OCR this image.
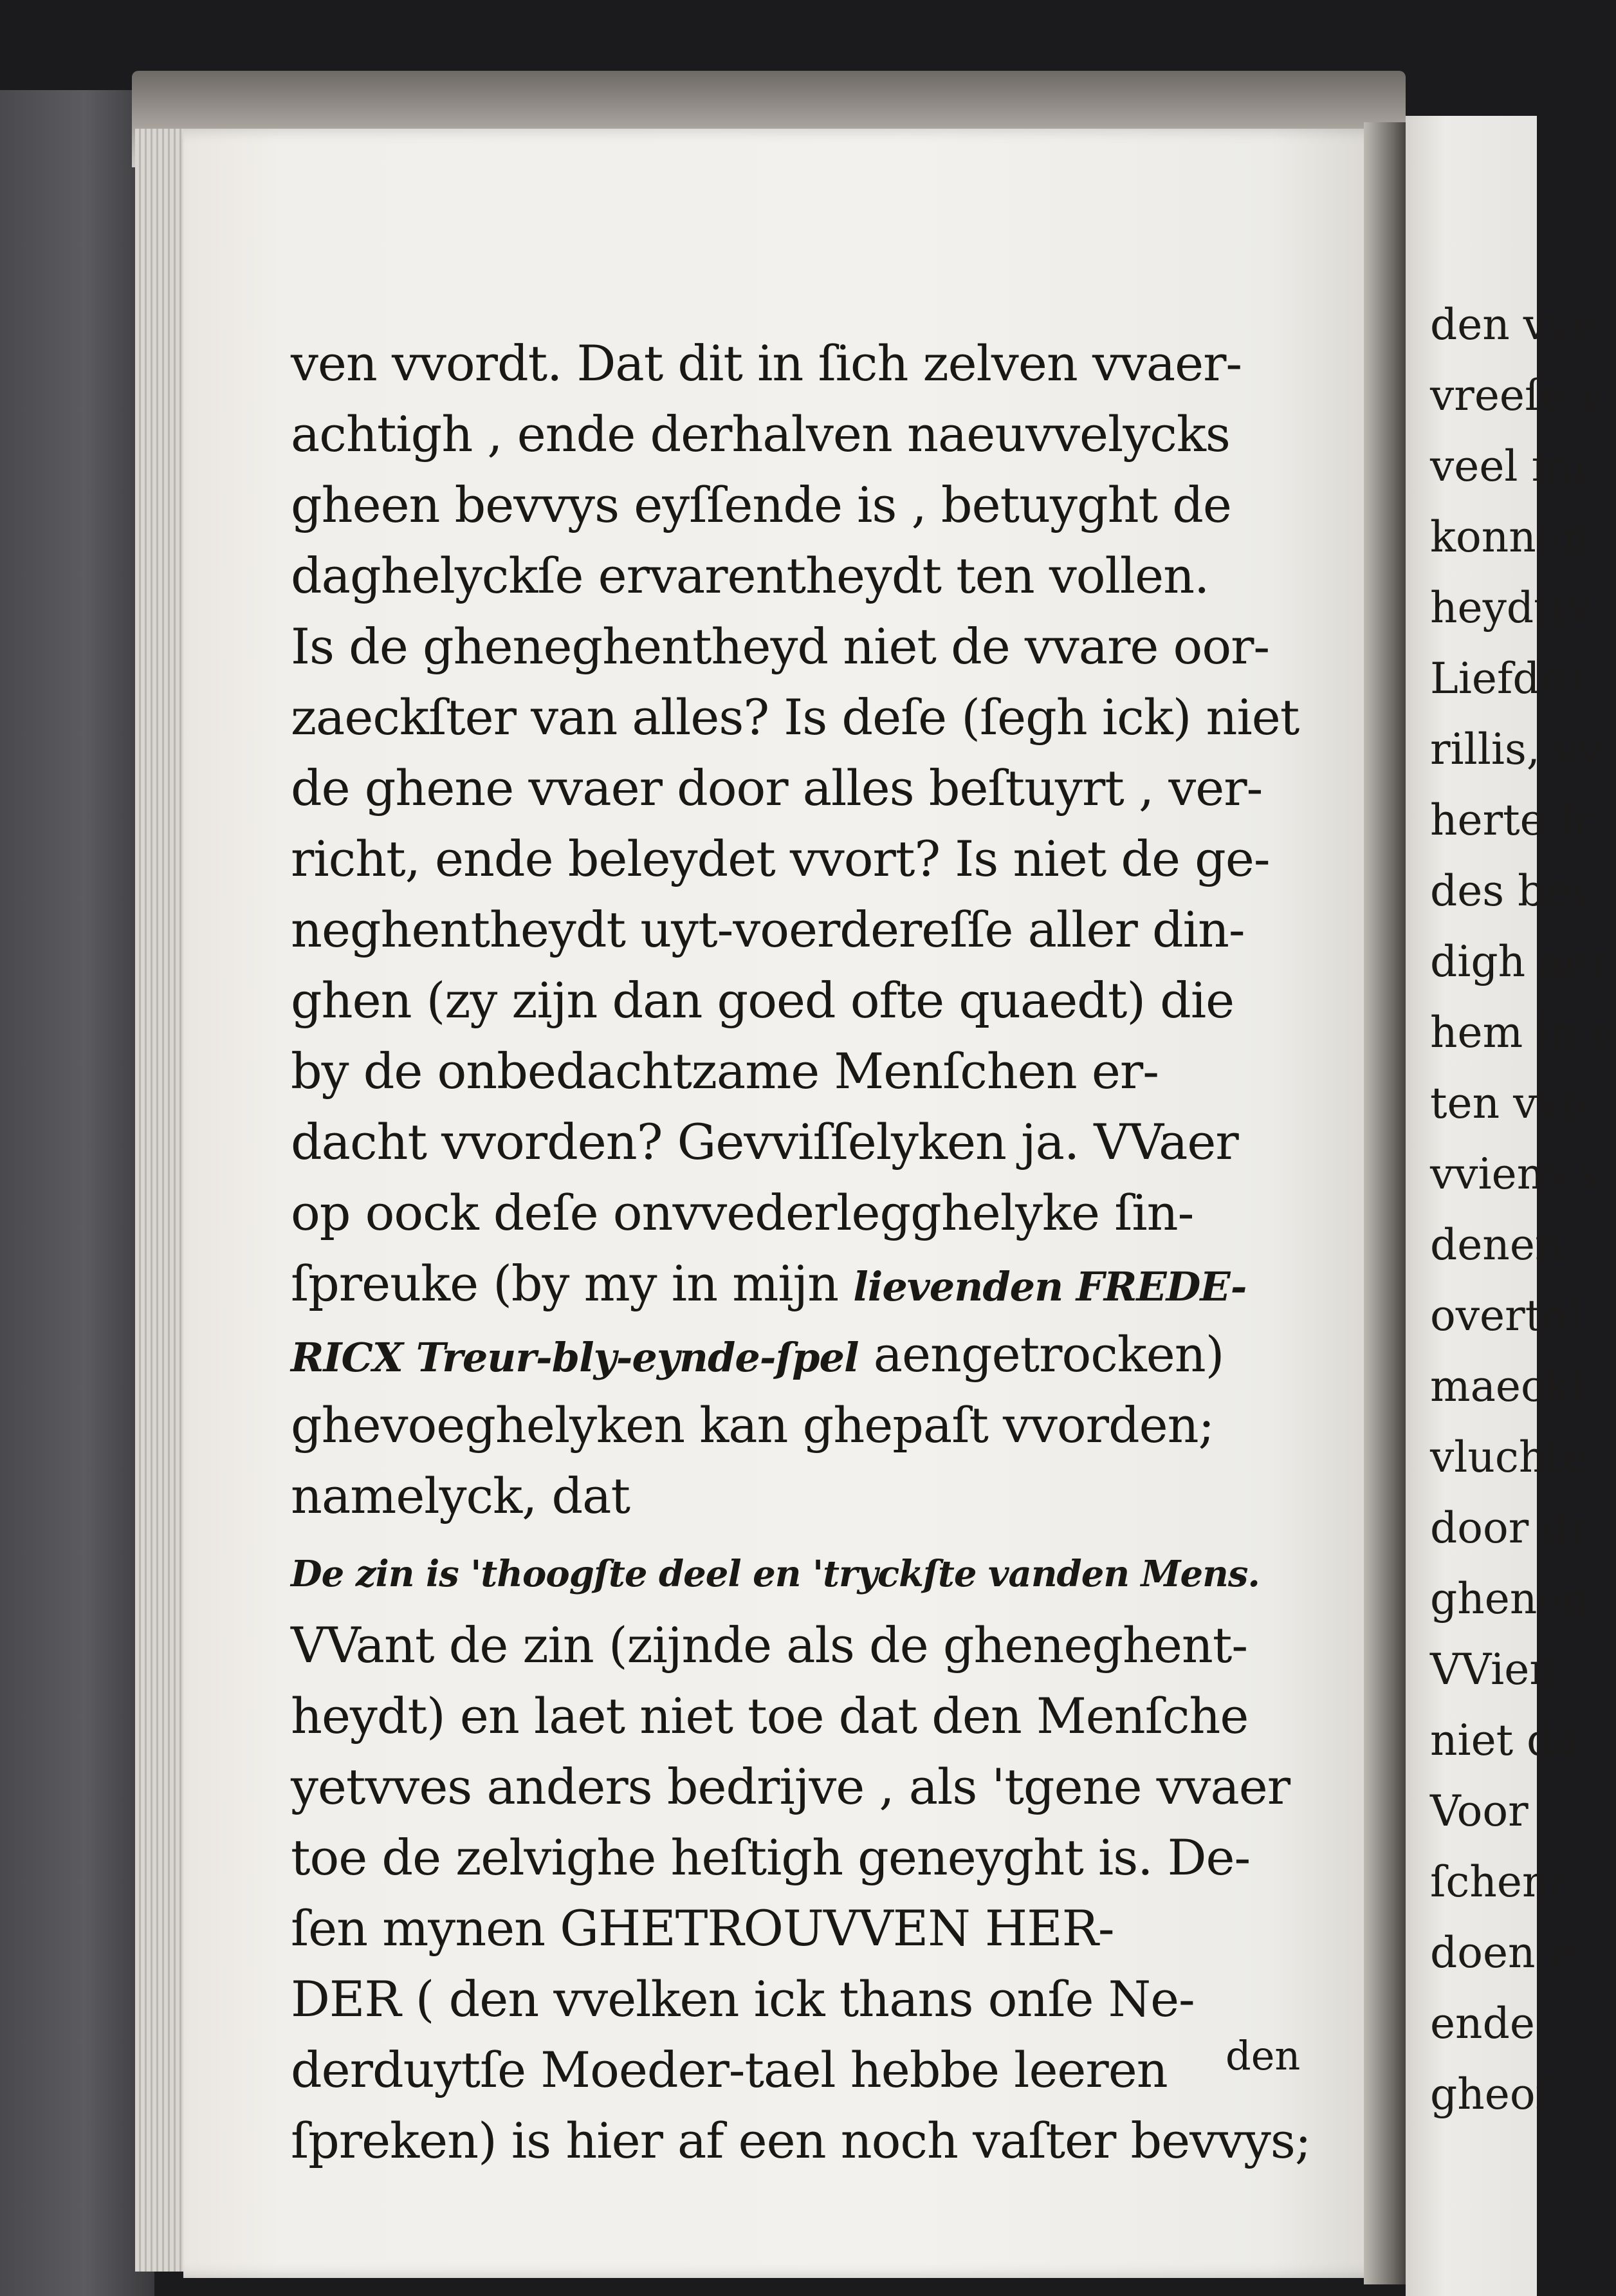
ven vvordt. Dat dit in ſich zelven vvaer-
achtigh , ende derhalven naeuvvelycks
gheen bevvys eyſſende is , betuyght de
daghelyckſe ervarentheydt ten vollen.
Is de gheneghentheyd niet de vvare oor-
zaeckſter van alles? Is deſe (ſegh ick) niet
de ghene vvaer door alles beſtuyrt , ver-
richt, ende beleydet vvort? Is niet de ge-
neghentheydt uyt-voerdereſſe aller din-
ghen (zy zijn dan goed ofte quaedt) die
by de onbedachtzame Menſchen er-
dacht vvorden? Gevviſſelyken ja. VVaer
op oock deſe onvvederlegghelyke ſin-
ſpreuke (by my in mijn lievenden FREDE-
RICX Treur-bly-eynde-ſpel aengetrocken)
ghevoeghelyken kan ghepaſt vvorden;
namelyck, dat
De zin is 'thoogſte deel en 'tryckſte vanden Mens.
VVant de zin (zijnde als de gheneghent-
heydt) en laet niet toe dat den Menſche
yetvves anders bedrijve , als 'tgene vvaer
toe de zelvighe heſtigh geneyght is. De-
ſen mynen GHETROUVVEN HER-
DER ( den vvelken ick thans onſe Ne-
derduytſe Moeder-tael hebbe leeren
ſpreken) is hier af een noch vaſter bevvys;
den
den vve
vreeſe v
veel mi
konnen
heydt(v
Liefde)
rillis, vv
herte ſc
des bev
digh aer
hem in e
ten vvo
vviens v
denen
overtol
maeckt
vluchte
door dr
gheneg
VVien
niet da
Voor
ſchenc
doen e
ende
gheof
